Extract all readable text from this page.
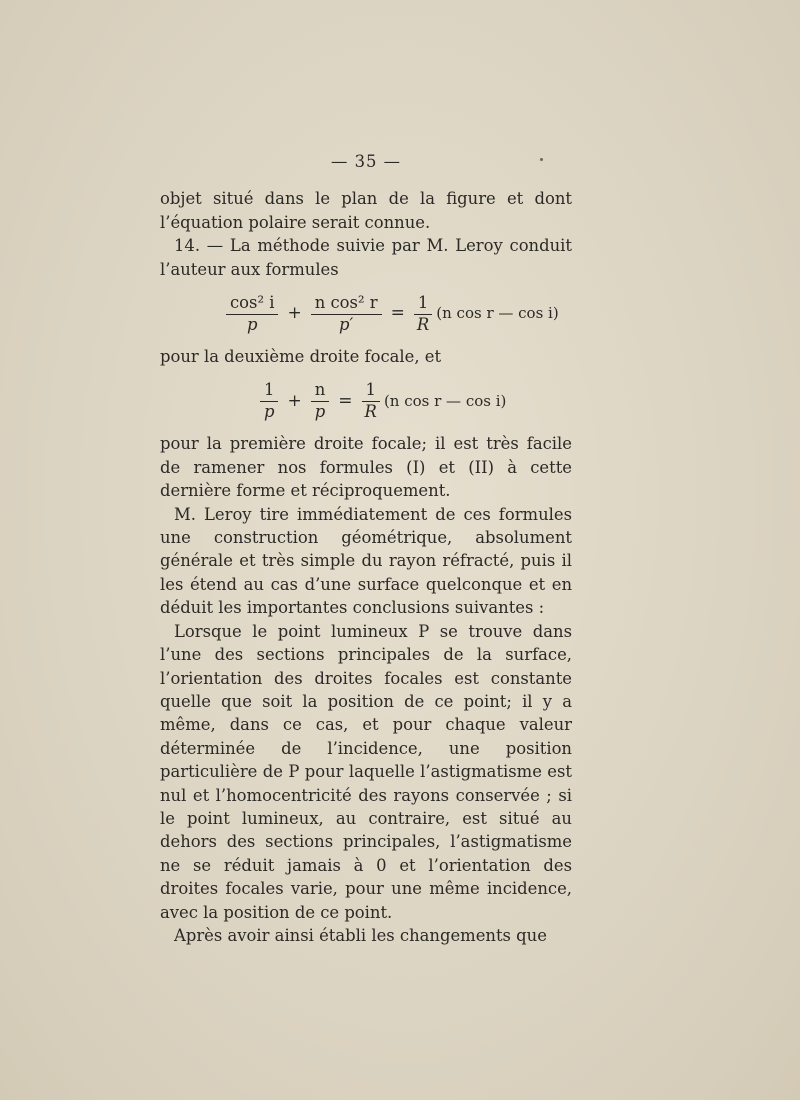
— 35 —

objet situé dans le plan de la figure et dont l’équation polaire serait connue.

14. — La méthode suivie par M. Leroy conduit l’auteur aux formules

$\frac{\text{cos² i}}{p} + \frac{\text{n cos² r}}{p'} = \frac{1}{R} (n$ cos r — cos i)

pour la deuxième droite focale, et

$\frac{1}{p} + \frac{n}{p} = \frac{1}{R} (n$ cos r — cos i)

pour la première droite focale; il est très facile de ramener nos formules (I) et (II) à cette dernière forme et réciproquement.

M. Leroy tire immédiatement de ces formules une construction géométrique, absolument générale et très simple du rayon réfracté, puis il les étend au cas d’une surface quelconque et en déduit les importantes conclusions suivantes :

Lorsque le point lumineux P se trouve dans l’une des sections principales de la surface, l’orientation des droites focales est constante quelle que soit la position de ce point; il y a même, dans ce cas, et pour chaque valeur déterminée de l’incidence, une position particulière de P pour laquelle l’astigmatisme est nul et l’homocentricité des rayons conservée ; si le point lumineux, au contraire, est situé au dehors des sections principales, l’astigmatisme ne se réduit jamais à 0 et l’orientation des droites focales varie, pour une même incidence, avec la position de ce point.

Après avoir ainsi établi les changements que
